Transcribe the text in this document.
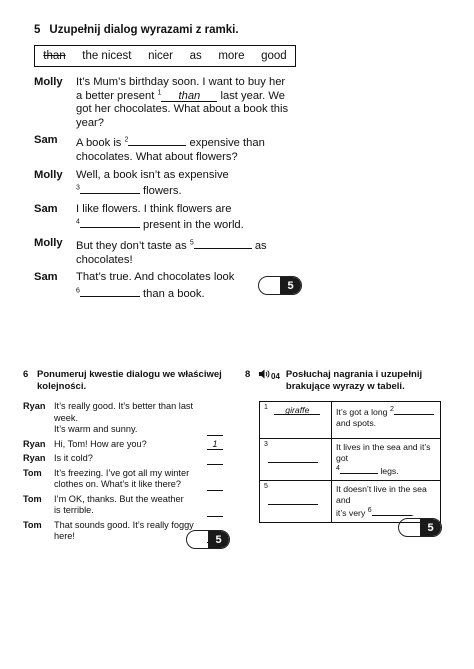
5 Uzupełnij dialog wyrazami z ramki.
than the nicest nicer as more good
Molly	It’s Mum’s birthday soon. I want to buy her
a better present $^1$ than last year. We
got her chocolates. What about a book this
year?
Sam	A book is $^2$	expensive than
chocolates. What about flowers?
Molly	Well, a book isn’t as expensive
$^3$	flowers.
Sam	I like flowers. I think flowers are
$^4$	present in the world.
Molly	But they don’t taste as $^5$	as
chocolates!
Sam	That’s true. And chocolates look
$^6$	than a book.
5
6 Ponumeruj kwestie dialogu we właściwej kolejności.
Ryan It’s really good. It’s better than last week.
It’s warm and sunny.
Ryan Hi, Tom! How are you?	1
Ryan Is it cold?
Tom	It’s freezing. I’ve got all my winter
clothes on. What’s it like there?
Tom	I’m OK, thanks. But the weather
is terrible.
Tom	That sounds good. It’s really foggy here!	5
8	04 Posłuchaj nagrania i uzupełnij brakujące wyrazy w tabeli.
$^1$ giraffe	It’s got a long $^2$
and spots.
$^3$	It lives in the sea and it’s got
$^4$ legs.
$^5$	It doesn’t live in the sea and
it’s very $^6$ .
5
